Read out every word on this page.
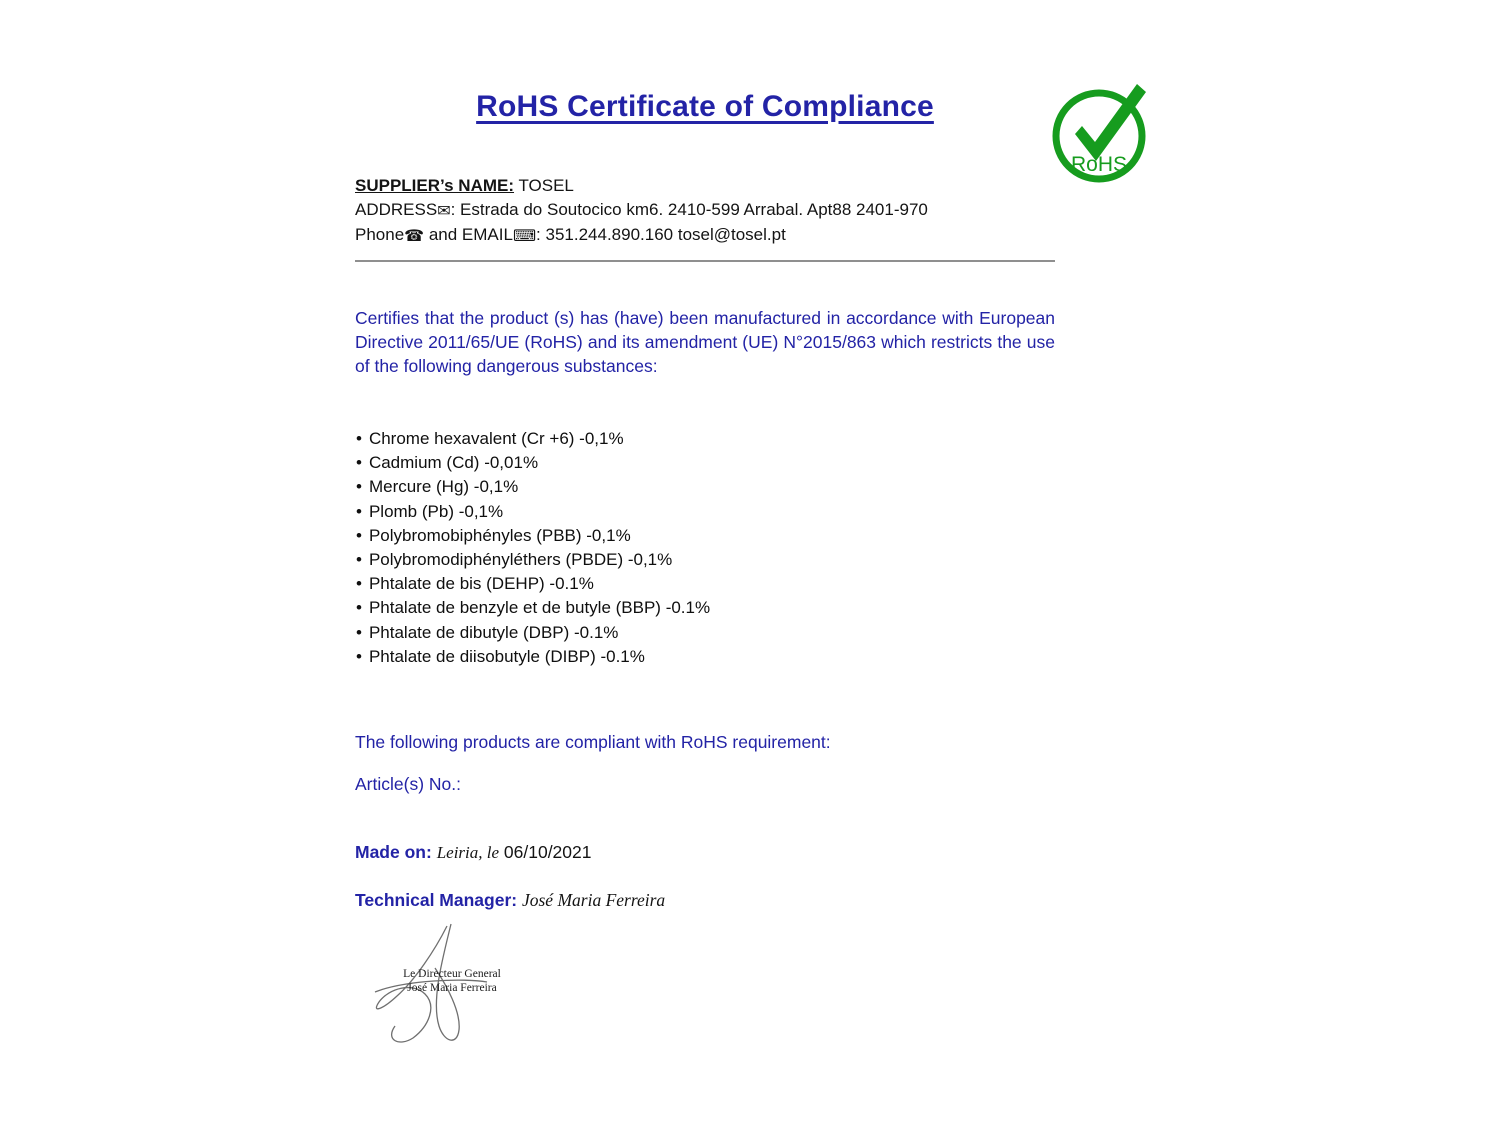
RoHS Certificate of Compliance
SUPPLIER’s NAME: TOSEL
ADDRESS✉: Estrada do Soutocico km6. 2410-599 Arrabal. Apt88 2401-970
Phone☎ and EMAIL⌨: 351.244.890.160 tosel@tosel.pt

Certifies that the product (s) has (have) been manufactured in accordance with European Directive 2011/65/UE (RoHS) and its amendment (UE) N°2015/863 which restricts the use of the following dangerous substances:

• Chrome hexavalent (Cr +6) -0,1%
• Cadmium (Cd) -0,01%
• Mercure (Hg) -0,1%
• Plomb (Pb) -0,1%
• Polybromobiphényles (PBB) -0,1%
• Polybromodiphényléthers (PBDE) -0,1%
• Phtalate de bis (DEHP) -0.1%
• Phtalate de benzyle et de butyle (BBP) -0.1%
• Phtalate de dibutyle (DBP) -0.1%
• Phtalate de diisobutyle (DIBP) -0.1%

The following products are compliant with RoHS requirement:

Article(s) No.:

Made on: Leiria, le 06/10/2021
Technical Manager: José Maria Ferreira
Le Directeur General
José Maria Ferreira
RoHS
